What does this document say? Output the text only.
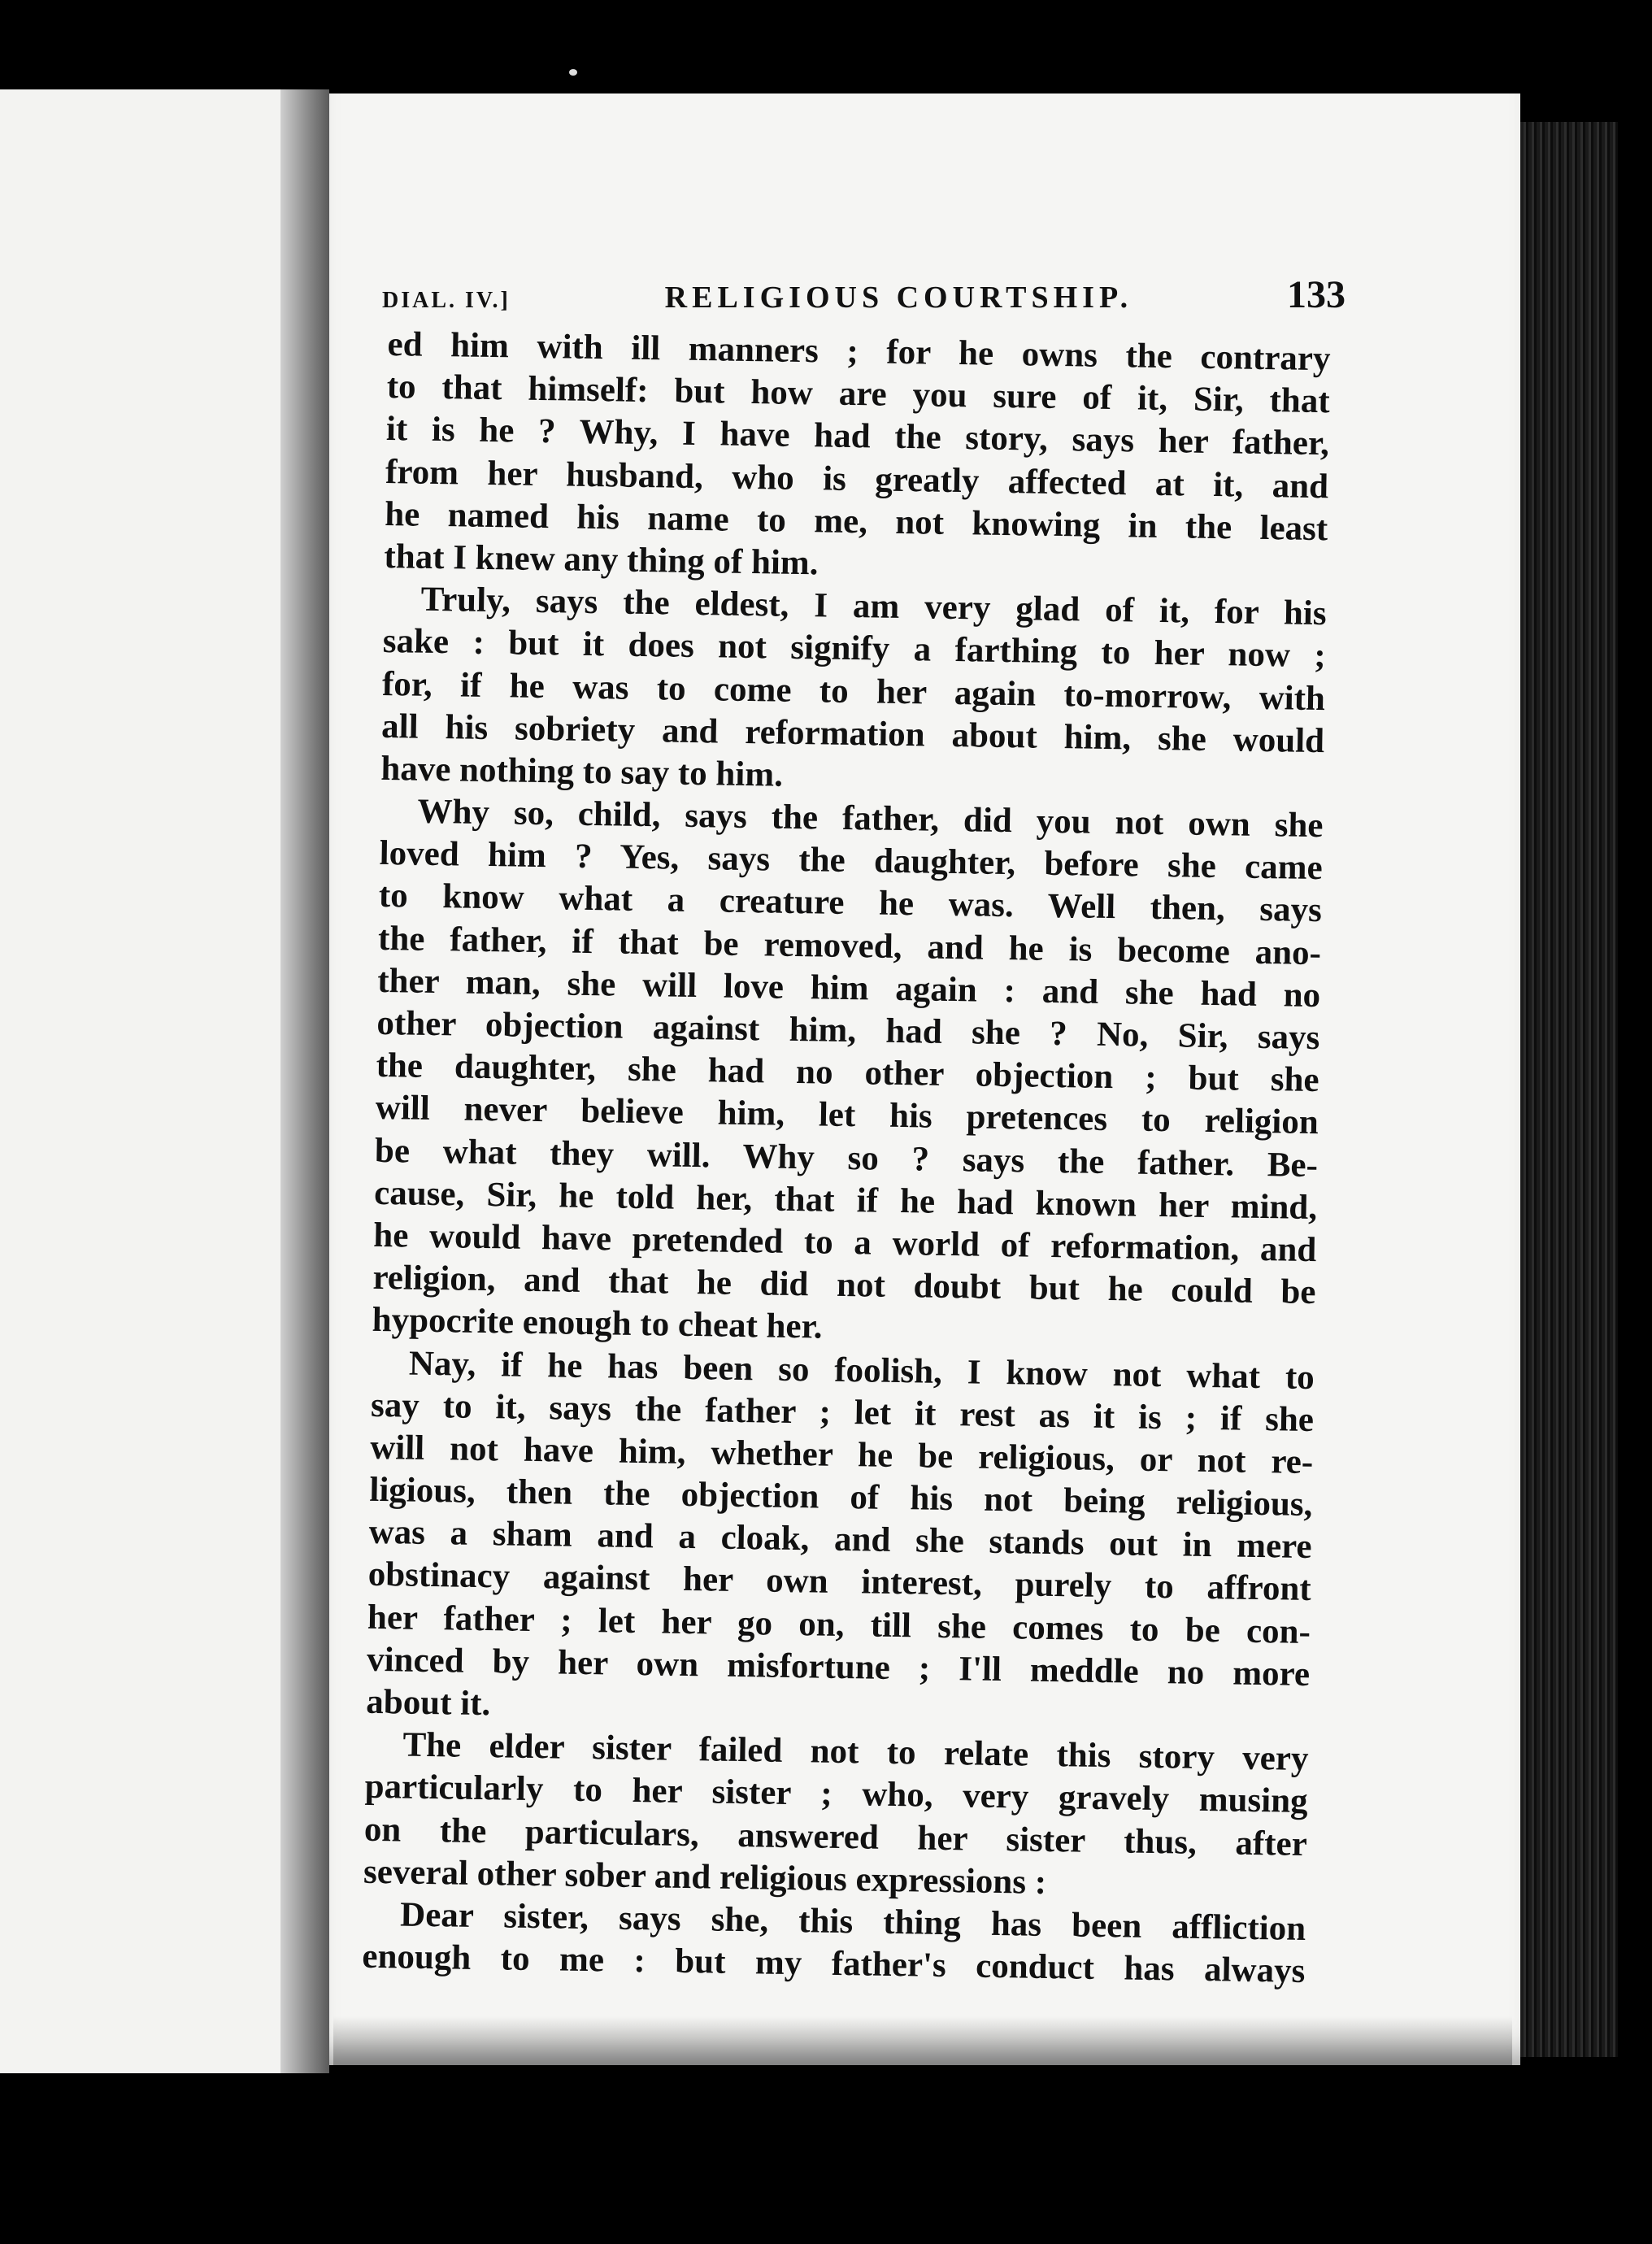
DIAL. IV.]	RELIGIOUS COURTSHIP.	133
ed him with ill manners ; for he owns the contrary
to that himself: but how are you sure of it, Sir, that
it is he ? Why, I have had the story, says her father,
from her husband, who is greatly affected at it, and
he named his name to me, not knowing in the least
that I knew any thing of him.
Truly, says the eldest, I am very glad of it, for his
sake : but it does not signify a farthing to her now ;
for, if he was to come to her again to-morrow, with
all his sobriety and reformation about him, she would
have nothing to say to him.
Why so, child, says the father, did you not own she
loved him ? Yes, says the daughter, before she came
to know what a creature he was. Well then, says
the father, if that be removed, and he is become ano-
ther man, she will love him again : and she had no
other objection against him, had she ? No, Sir, says
the daughter, she had no other objection ; but she
will never believe him, let his pretences to religion
be what they will. Why so ? says the father. Be-
cause, Sir, he told her, that if he had known her mind,
he would have pretended to a world of reformation, and
religion, and that he did not doubt but he could be
hypocrite enough to cheat her.
Nay, if he has been so foolish, I know not what to
say to it, says the father ; let it rest as it is ; if she
will not have him, whether he be religious, or not re-
ligious, then the objection of his not being religious,
was a sham and a cloak, and she stands out in mere
obstinacy against her own interest, purely to affront
her father ; let her go on, till she comes to be con-
vinced by her own misfortune ; I'll meddle no more
about it.
The elder sister failed not to relate this story very
particularly to her sister ; who, very gravely musing
on the particulars, answered her sister thus, after
several other sober and religious expressions :
Dear sister, says she, this thing has been affliction
enough to me : but my father's conduct has always
